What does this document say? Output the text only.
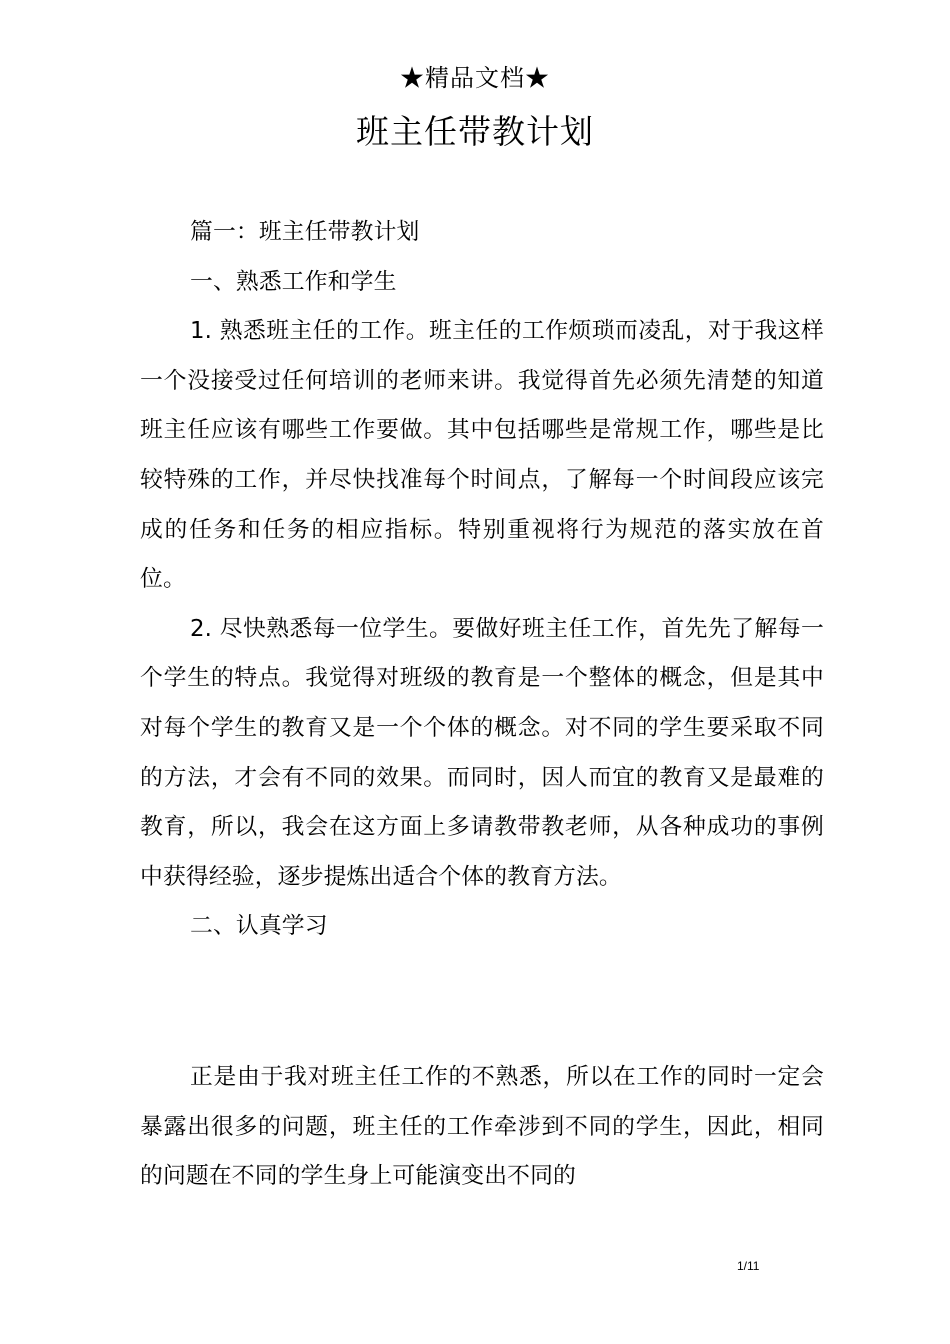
★精品文档★
班主任带教计划

篇一：班主任带教计划

一、熟悉工作和学生

1. 熟悉班主任的工作。班主任的工作烦琐而凌乱，对于我这样一个没接受过任何培训的老师来讲。我觉得首先必须先清楚的知道班主任应该有哪些工作要做。其中包括哪些是常规工作，哪些是比较特殊的工作，并尽快找准每个时间点，了解每一个时间段应该完成的任务和任务的相应指标。特别重视将行为规范的落实放在首位。

2. 尽快熟悉每一位学生。要做好班主任工作，首先先了解每一个学生的特点。我觉得对班级的教育是一个整体的概念，但是其中对每个学生的教育又是一个个体的概念。对不同的学生要采取不同的方法，才会有不同的效果。而同时，因人而宜的教育又是最难的教育，所以，我会在这方面上多请教带教老师，从各种成功的事例中获得经验，逐步提炼出适合个体的教育方法。

二、认真学习

正是由于我对班主任工作的不熟悉，所以在工作的同时一定会暴露出很多的问题，班主任的工作牵涉到不同的学生，因此，相同的问题在不同的学生身上可能演变出不同的

1/11
